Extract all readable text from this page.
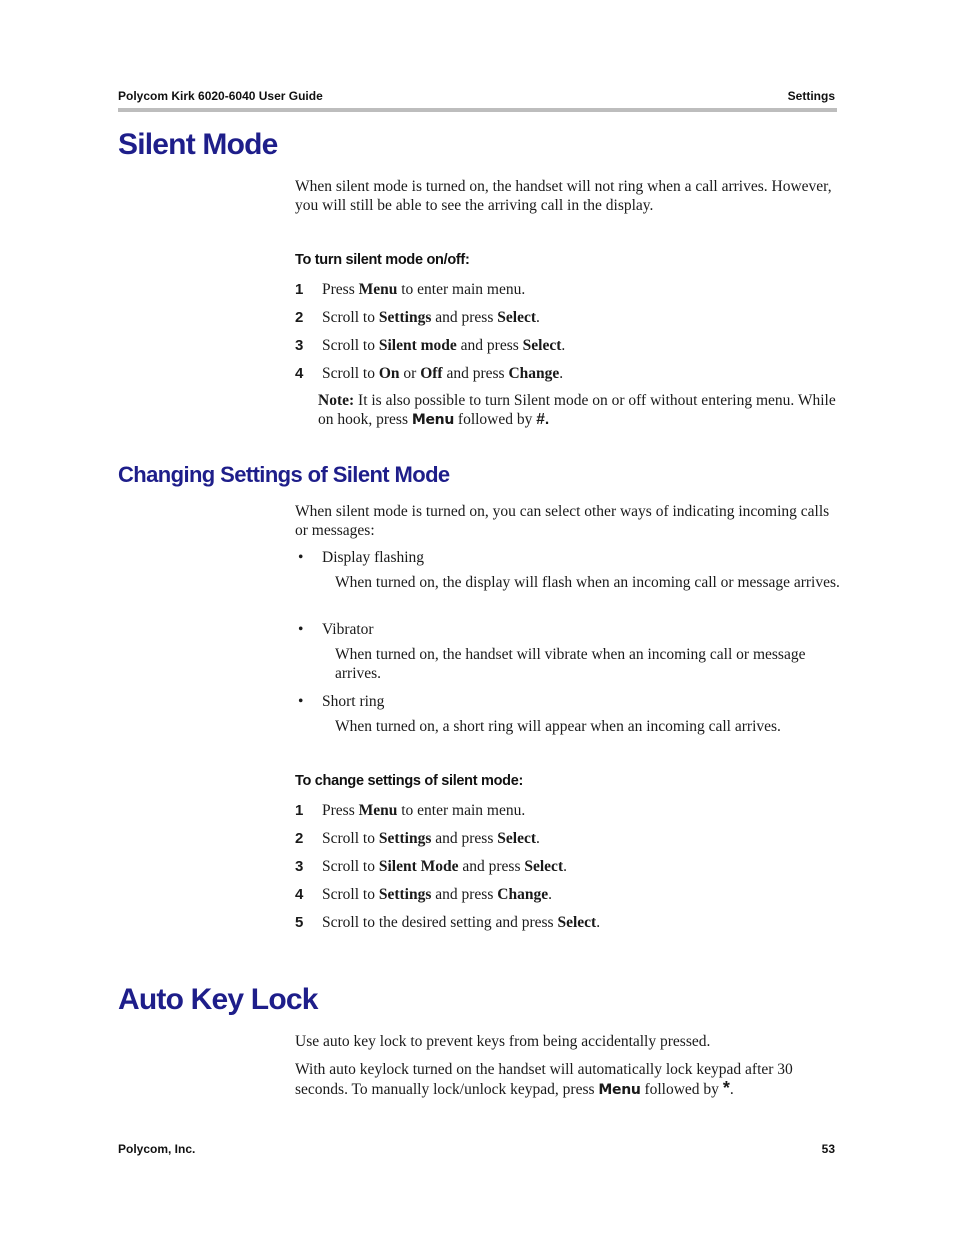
Polycom Kirk 6020-6040 User Guide	Settings
Silent Mode

When silent mode is turned on, the handset will not ring when a call arrives. However, you will still be able to see the arriving call in the display.

To turn silent mode on/off:
1 Press Menu to enter main menu.
2 Scroll to Settings and press Select.
3 Scroll to Silent mode and press Select.
4 Scroll to On or Off and press Change.
Note: It is also possible to turn Silent mode on or off without entering menu. While on hook, press Menu followed by #.
Changing Settings of Silent Mode

When silent mode is turned on, you can select other ways of indicating incoming calls or messages:

• Display flashing
When turned on, the display will flash when an incoming call or message arrives.
• Vibrator
When turned on, the handset will vibrate when an incoming call or message arrives.
• Short ring
When turned on, a short ring will appear when an incoming call arrives.
To change settings of silent mode:
1 Press Menu to enter main menu.
2 Scroll to Settings and press Select.
3 Scroll to Silent Mode and press Select.
4 Scroll to Settings and press Change.
5 Scroll to the desired setting and press Select.
Auto Key Lock

Use auto key lock to prevent keys from being accidentally pressed.

With auto keylock turned on the handset will automatically lock keypad after 30 seconds. To manually lock/unlock keypad, press Menu followed by *.

Polycom, Inc.	53
